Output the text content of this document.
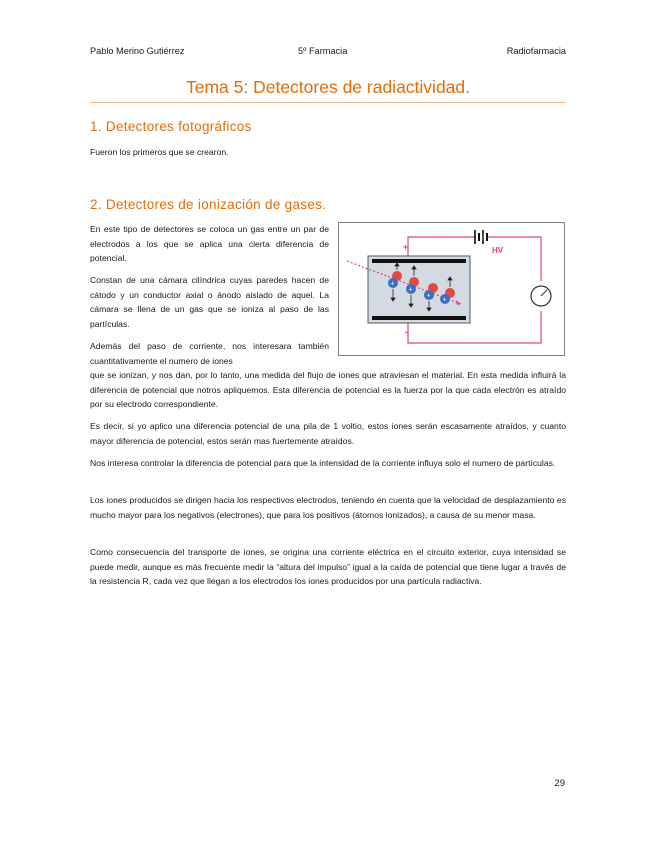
Pablo Merino Gutiérrez	5º Farmacia	Radiofarmacia
Tema 5: Detectores de radiactividad.
1. Detectores fotográficos

Fueron los primeros que se crearon.

2. Detectores de ionización de gases.

En este tipo de detectores se coloca un gas entre un par de electrodos a los que se aplica una cierta diferencia de potencial.

Constan de una cámara cilíndrica cuyas paredes hacen de cátodo y un conductor axial o ánodo aislado de aquel. La cámara se llena de un gas que se ioniza al paso de las partículas.

Además del paso de corriente, nos interesara también cuantitativamente el numero de iones

que se ionizan, y nos dan, por lo tanto, una medida del flujo de iones que atraviesan el material. En esta medida influirá la diferencia de potencial que notros apliquemos. Esta diferencia de potencial es la fuerza por la que cada electrón es atraído por su electrodo correspondiente.

Es decir, si yo aplico una diferencia potencial de una pila de 1 voltio, estos iones serán escasamente atraídos, y cuanto mayor diferencia de potencial, estos serán mas fuertemente atraídos.

Nos interesa controlar la diferencia de potencial para que la intensidad de la corriente influya solo el numero de partículas.

Los iones producidos se dirigen hacia los respectivos electrodos, teniendo en cuenta que la velocidad de desplazamiento es mucho mayor para los negativos (electrones), que para los positivos (átomos ionizados), a causa de su menor masa.

Como consecuencia del transporte de iones, se origina una corriente eléctrica en el circuito exterior, cuya intensidad se puede medir, aunque es más frecuente medir la “altura del impulso” igual a la caída de potencial que tiene lugar a través de la resistencia R, cada vez que llegan a los electrodos los iones producidos por una partícula radiactiva.

+
-
HV
+
+
+
+
29
